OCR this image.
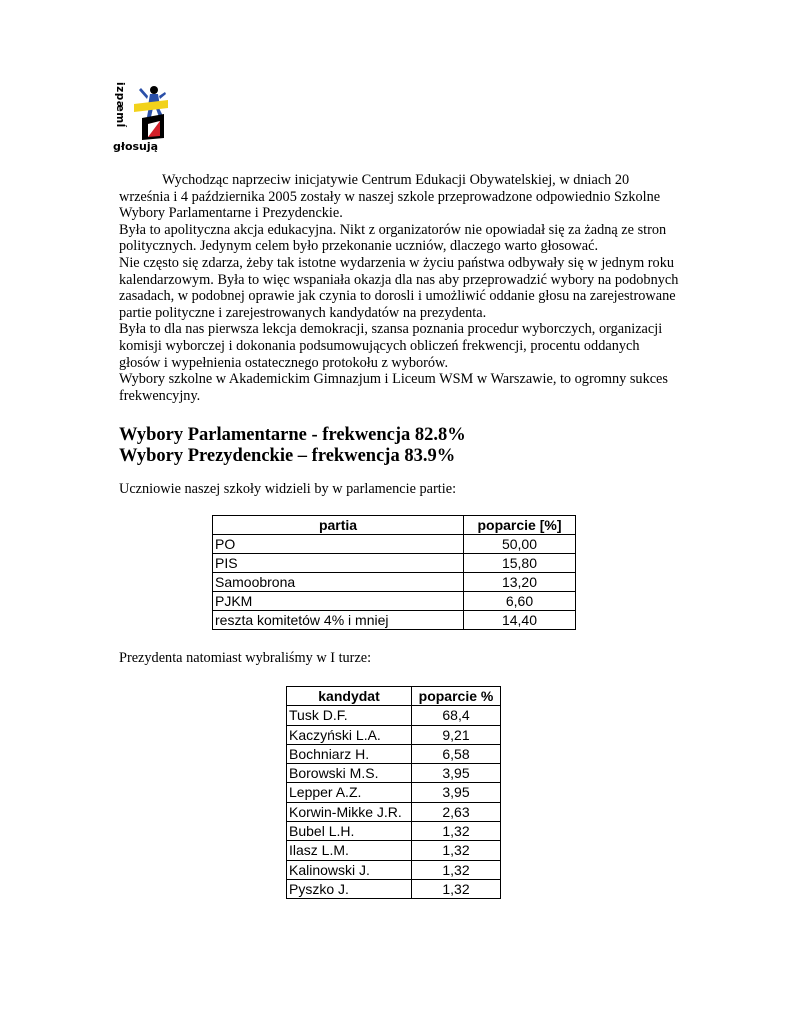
izpæmĺ
głosują

Wychodząc naprzeciw inicjatywie Centrum Edukacji Obywatelskiej, w dniach 20 września i 4 października 2005 zostały w naszej szkole przeprowadzone odpowiednio Szkolne Wybory Parlamentarne i Prezydenckie.

Była to apolityczna akcja edukacyjna. Nikt z organizatorów nie opowiadał się za żadną ze stron politycznych. Jedynym celem było przekonanie uczniów, dlaczego warto głosować.

Nie często się zdarza, żeby tak istotne wydarzenia w życiu państwa odbywały się w jednym roku kalendarzowym. Była to więc wspaniała okazja dla nas aby przeprowadzić wybory na podobnych zasadach, w podobnej oprawie jak czynia to dorosli i umożliwić oddanie głosu na zarejestrowane partie polityczne i zarejestrowanych kandydatów na prezydenta.

Była to dla nas pierwsza lekcja demokracji, szansa poznania procedur wyborczych, organizacji komisji wyborczej i dokonania podsumowujących obliczeń frekwencji, procentu oddanych głosów i wypełnienia ostatecznego protokołu z wyborów.

Wybory szkolne w Akademickim Gimnazjum i Liceum WSM w Warszawie, to ogromny sukces frekwencyjny.

Wybory Parlamentarne - frekwencja 82.8%
Wybory Prezydenckie – frekwencja 83.9%
Uczniowie naszej szkoły widzieli by w parlamencie partie:
partia	poparcie [%]
PO	50,00
PIS	15,80
Samoobrona	13,20
PJKM	6,60
reszta komitetów 4% i mniej	14,40
Prezydenta natomiast wybraliśmy w I turze:
kandydat	poparcie %
Tusk D.F.	68,4
Kaczyński L.A.	9,21
Bochniarz H.	6,58
Borowski M.S.	3,95
Lepper A.Z.	3,95
Korwin-Mikke J.R.	2,63
Bubel L.H.	1,32
Ilasz L.M.	1,32
Kalinowski J.	1,32
Pyszko J.	1,32
